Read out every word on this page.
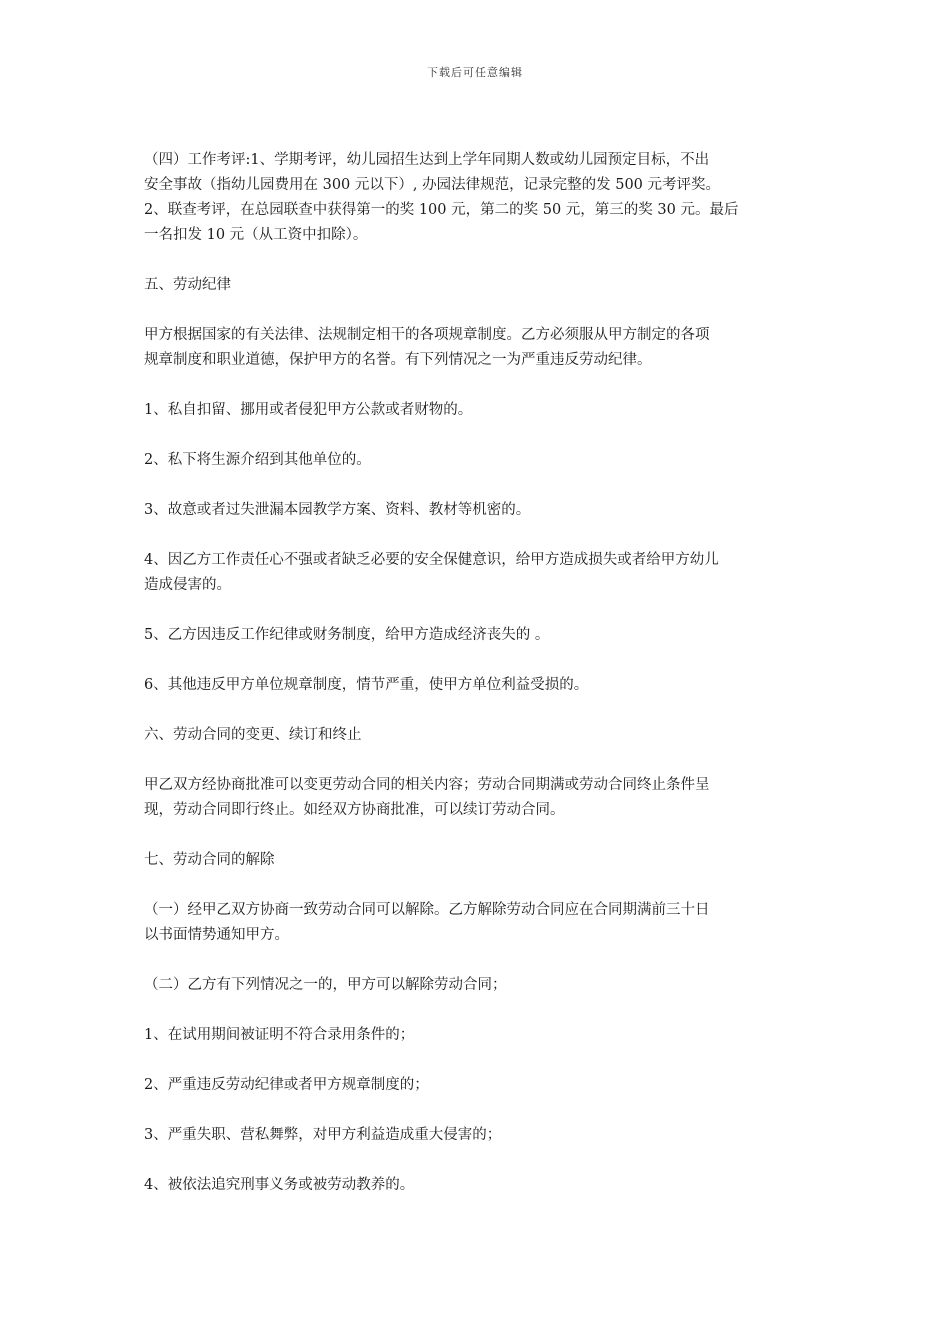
下载后可任意编辑
（四）工作考评:1、学期考评，幼儿园招生达到上学年同期人数或幼儿园预定目标，不出
安全事故（指幼儿园费用在 300 元以下）, 办园法律规范，记录完整的发 500 元考评奖。
2、联查考评，在总园联查中获得第一的奖 100 元，第二的奖 50 元，第三的奖 30 元。最后
一名扣发 10 元（从工资中扣除）。
五、劳动纪律
甲方根据国家的有关法律、法规制定相干的各项规章制度。乙方必须服从甲方制定的各项
规章制度和职业道德，保护甲方的名誉。有下列情况之一为严重违反劳动纪律。
1、私自扣留、挪用或者侵犯甲方公款或者财物的。
2、私下将生源介绍到其他单位的。
3、故意或者过失泄漏本园教学方案、资料、教材等机密的。
4、因乙方工作责任心不强或者缺乏必要的安全保健意识，给甲方造成损失或者给甲方幼儿
造成侵害的。
5、乙方因违反工作纪律或财务制度，给甲方造成经济丧失的 。
6、其他违反甲方单位规章制度，情节严重，使甲方单位利益受损的。
六、劳动合同的变更、续订和终止
甲乙双方经协商批准可以变更劳动合同的相关内容；劳动合同期满或劳动合同终止条件呈
现，劳动合同即行终止。如经双方协商批准，可以续订劳动合同。
七、劳动合同的解除
（一）经甲乙双方协商一致劳动合同可以解除。乙方解除劳动合同应在合同期满前三十日
以书面情势通知甲方。
（二）乙方有下列情况之一的，甲方可以解除劳动合同；
1、在试用期间被证明不符合录用条件的；
2、严重违反劳动纪律或者甲方规章制度的；
3、严重失职、营私舞弊，对甲方利益造成重大侵害的；
4、被依法追究刑事义务或被劳动教养的。
